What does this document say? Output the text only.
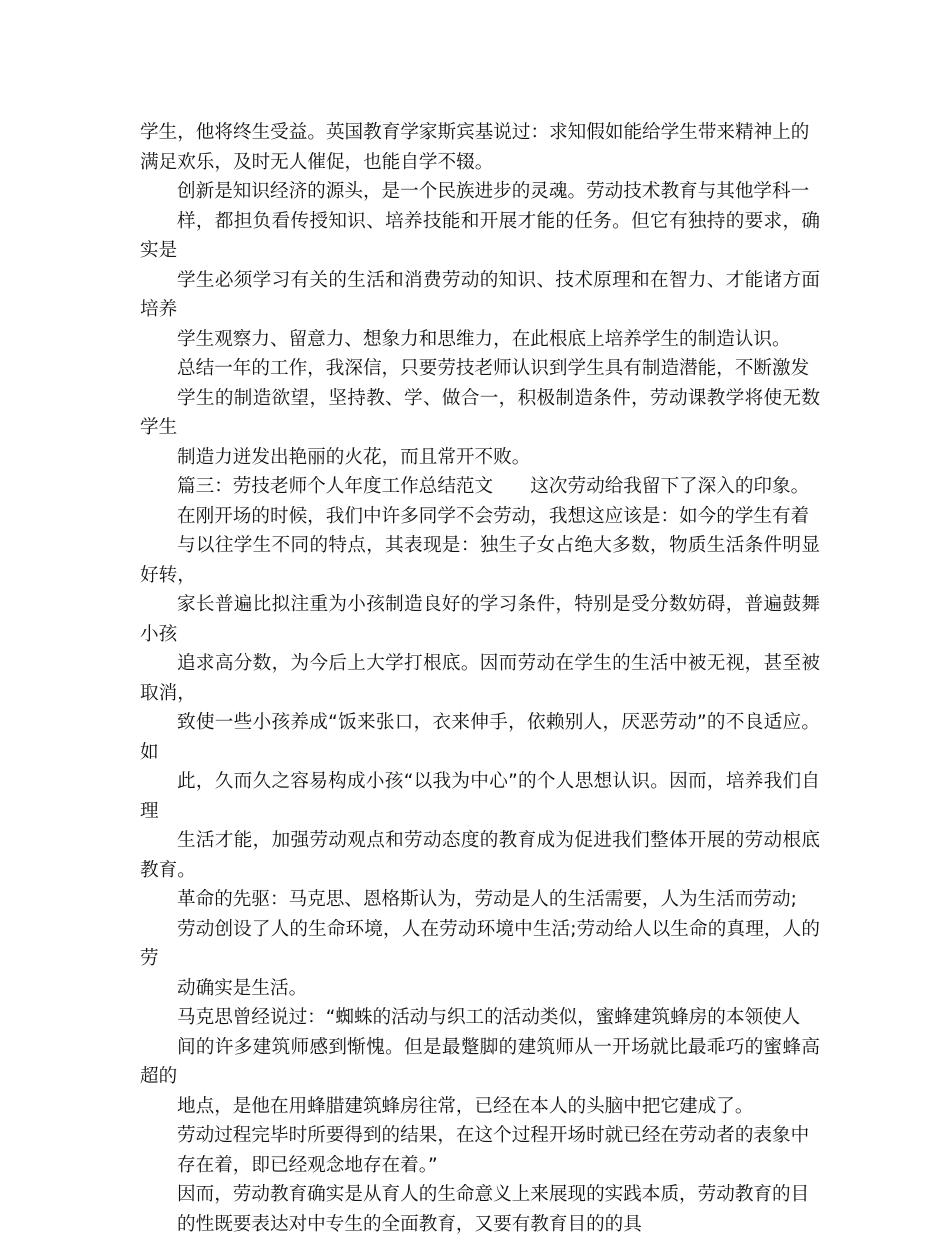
学生，他将终生受益。英国教育学家斯宾基说过：求知假如能给学生带来精神上的
满足欢乐，及时无人催促，也能自学不辍。

创新是知识经济的源头，是一个民族进步的灵魂。劳动技术教育与其他学科一
样，都担负看传授知识、培养技能和开展才能的任务。但它有独持的要求，确实是
学生必须学习有关的生活和消费劳动的知识、技术原理和在智力、才能诸方面培养
学生观察力、留意力、想象力和思维力，在此根底上培养学生的制造认识。

总结一年的工作，我深信，只要劳技老师认识到学生具有制造潜能，不断激发
学生的制造欲望，坚持教、学、做合一，积极制造条件，劳动课教学将使无数学生
制造力迸发出艳丽的火花，而且常开不败。

篇三：劳技老师个人年度工作总结范文　　这次劳动给我留下了深入的印象。

在刚开场的时候，我们中许多同学不会劳动，我想这应该是：如今的学生有着
与以往学生不同的特点，其表现是：独生子女占绝大多数，物质生活条件明显好转，
家长普遍比拟注重为小孩制造良好的学习条件，特别是受分数妨碍，普遍鼓舞小孩
追求高分数，为今后上大学打根底。因而劳动在学生的生活中被无视，甚至被取消，
致使一些小孩养成“饭来张口，衣来伸手，依赖别人，厌恶劳动”的不良适应。如
此，久而久之容易构成小孩“以我为中心”的个人思想认识。因而，培养我们自理
生活才能，加强劳动观点和劳动态度的教育成为促进我们整体开展的劳动根底教育。

革命的先驱：马克思、恩格斯认为，劳动是人的生活需要，人为生活而劳动;
劳动创设了人的生命环境，人在劳动环境中生活;劳动给人以生命的真理，人的劳
动确实是生活。

马克思曾经说过：“蜘蛛的活动与织工的活动类似，蜜蜂建筑蜂房的本领使人
间的许多建筑师感到惭愧。但是最蹩脚的建筑师从一开场就比最乖巧的蜜蜂高超的
地点，是他在用蜂腊建筑蜂房往常，已经在本人的头脑中把它建成了。

劳动过程完毕时所要得到的结果，在这个过程开场时就已经在劳动者的表象中
存在着，即已经观念地存在着。”

因而，劳动教育确实是从育人的生命意义上来展现的实践本质，劳动教育的目
的性既要表达对中专生的全面教育，又要有教育目的的具
